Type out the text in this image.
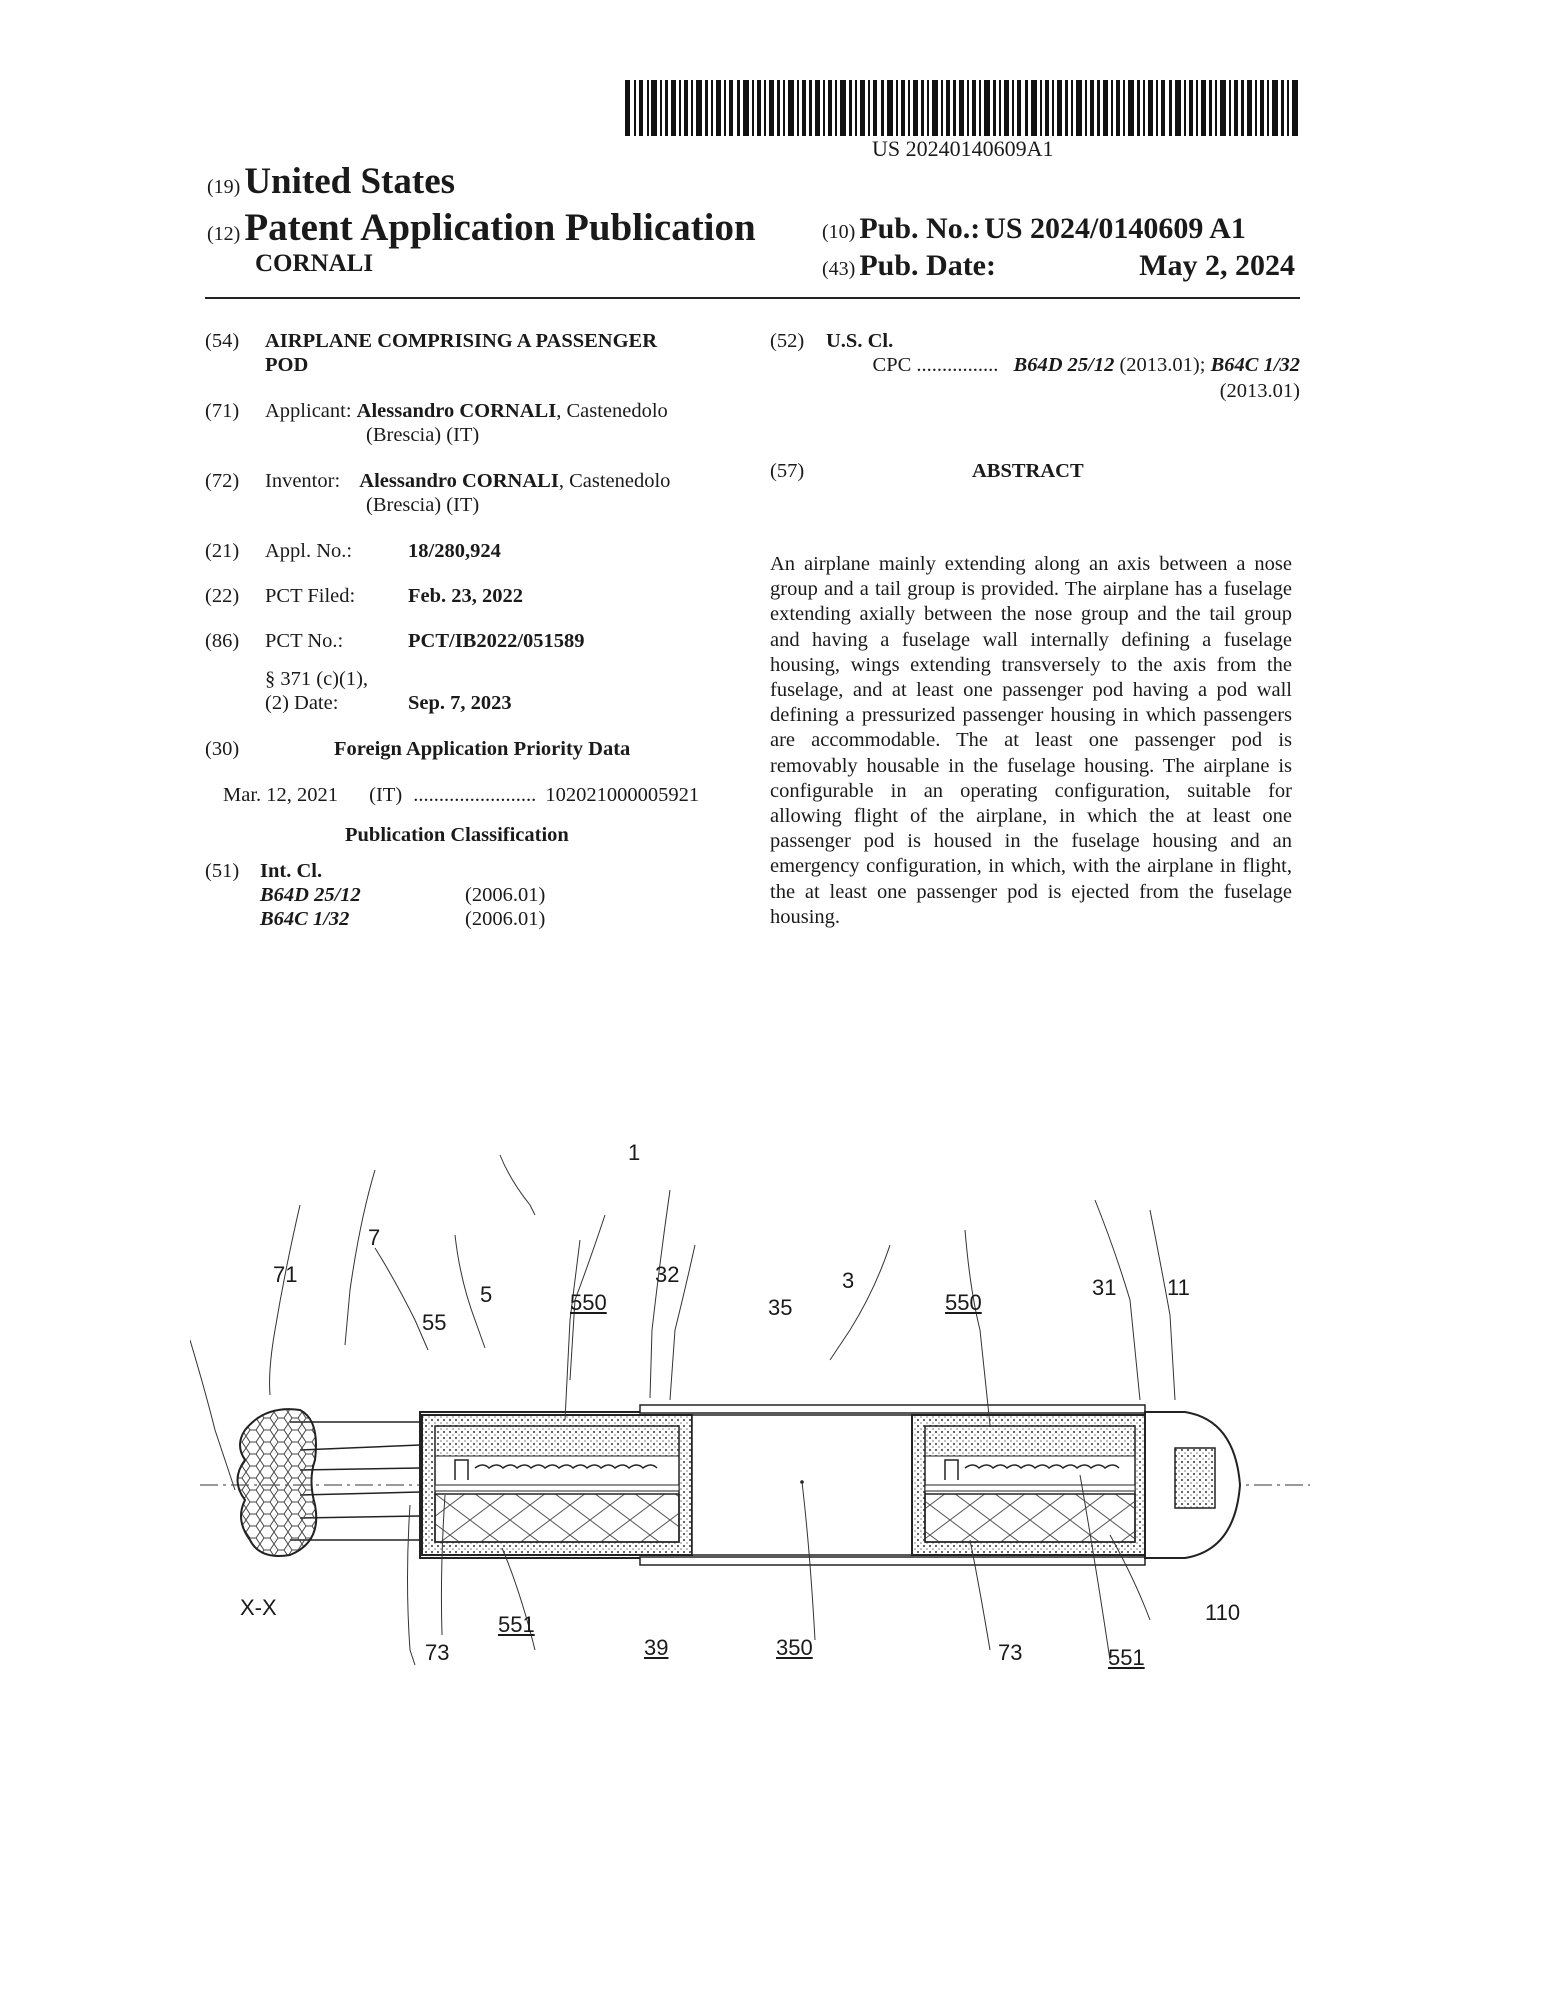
US 20240140609A1
(19) United States
(12) Patent Application Publication
CORNALI
(10) Pub. No.: US 2024/0140609 A1
(43) Pub. Date:	May 2, 2024
(54) AIRPLANE COMPRISING A PASSENGER
POD
(71) Applicant: Alessandro CORNALI, Castenedolo
(Brescia) (IT)
(72) Inventor: Alessandro CORNALI, Castenedolo
(Brescia) (IT)
(21) Appl. No.:	18/280,924
(22) PCT Filed:	Feb. 23, 2022
(86) PCT No.:	PCT/IB2022/051589
§ 371 (c)(1),
(2) Date:	Sep. 7, 2023
(30)	Foreign Application Priority Data
Mar. 12, 2021 (IT) ........................ 102021000005921
Publication Classification
(51) Int. Cl.
B64D 25/12	(2006.01)
B64C 1/32	(2006.01)
(52) U.S. Cl.
CPC ................ B64D 25/12 (2013.01); B64C 1/32
(2013.01)
(57)	ABSTRACT
An airplane mainly extending along an axis between a nose group and a tail group is provided. The airplane has a fuselage extending axially between the nose group and the tail group and having a fuselage wall internally defining a fuselage housing, wings extending transversely to the axis from the fuselage, and at least one passenger pod having a pod wall defining a pressurized passenger housing in which passengers are accommodable. The at least one passenger pod is removably housable in the fuselage housing. The airplane is configurable in an operating configuration, suitable for allowing flight of the airplane, in which the at least one passenger pod is housed in the fuselage housing and an emergency configuration, in which, with the airplane in flight, the at least one passenger pod is ejected from the fuselage housing.
1
7
71
5
55
550
32	3
35	550
31 11
X-X
551
73	39	350	73	551
110
